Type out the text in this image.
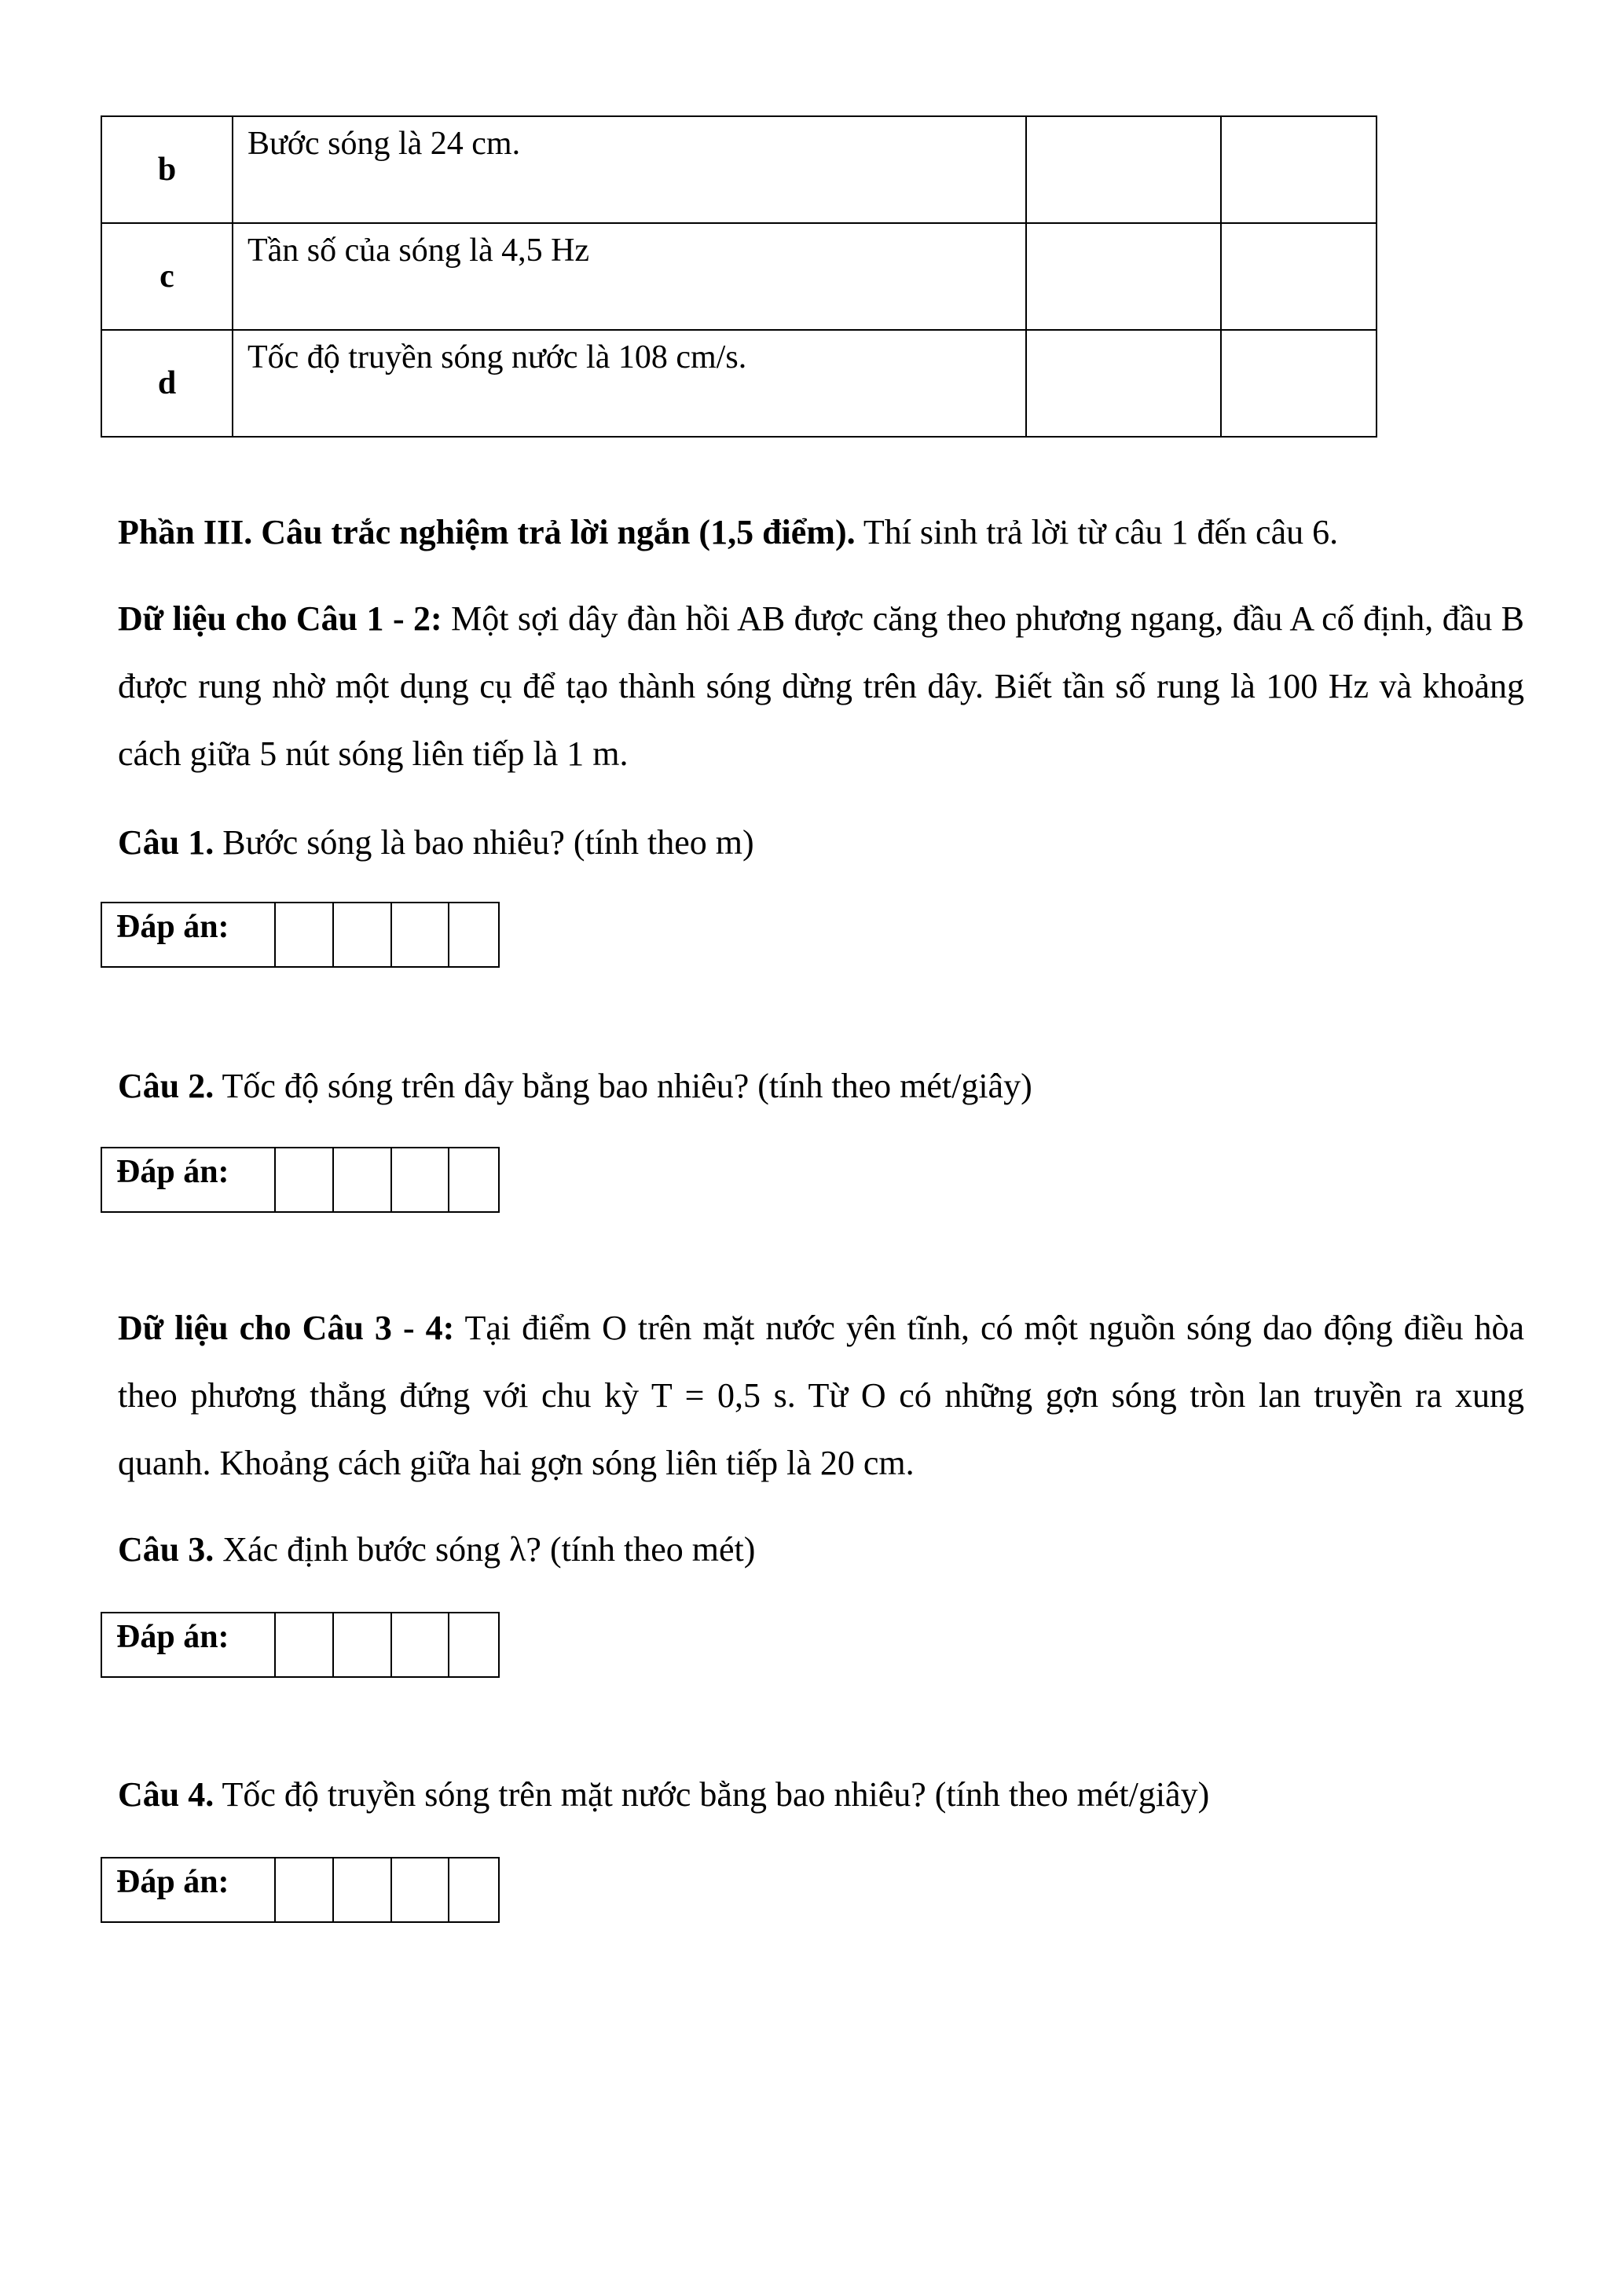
b	Bước sóng là 24 cm.		
c	Tần số của sóng là 4,5 Hz		
d	Tốc độ truyền sóng nước là 108 cm/s.		

Phần III. Câu trắc nghiệm trả lời ngắn (1,5 điểm). Thí sinh trả lời từ câu 1 đến câu 6.

Dữ liệu cho Câu 1 - 2: Một sợi dây đàn hồi AB được căng theo phương ngang, đầu A cố định, đầu B được rung nhờ một dụng cụ để tạo thành sóng dừng trên dây. Biết tần số rung là 100 Hz và khoảng cách giữa 5 nút sóng liên tiếp là 1 m.

Câu 1. Bước sóng là bao nhiêu? (tính theo m)

Đáp án:

Câu 2. Tốc độ sóng trên dây bằng bao nhiêu? (tính theo mét/giây)

Đáp án:

Dữ liệu cho Câu 3 - 4: Tại điểm O trên mặt nước yên tĩnh, có một nguồn sóng dao động điều hòa theo phương thẳng đứng với chu kỳ T = 0,5 s. Từ O có những gợn sóng tròn lan truyền ra xung quanh. Khoảng cách giữa hai gợn sóng liên tiếp là 20 cm.

Câu 3. Xác định bước sóng λ? (tính theo mét)

Đáp án:

Câu 4. Tốc độ truyền sóng trên mặt nước bằng bao nhiêu? (tính theo mét/giây)

Đáp án:
